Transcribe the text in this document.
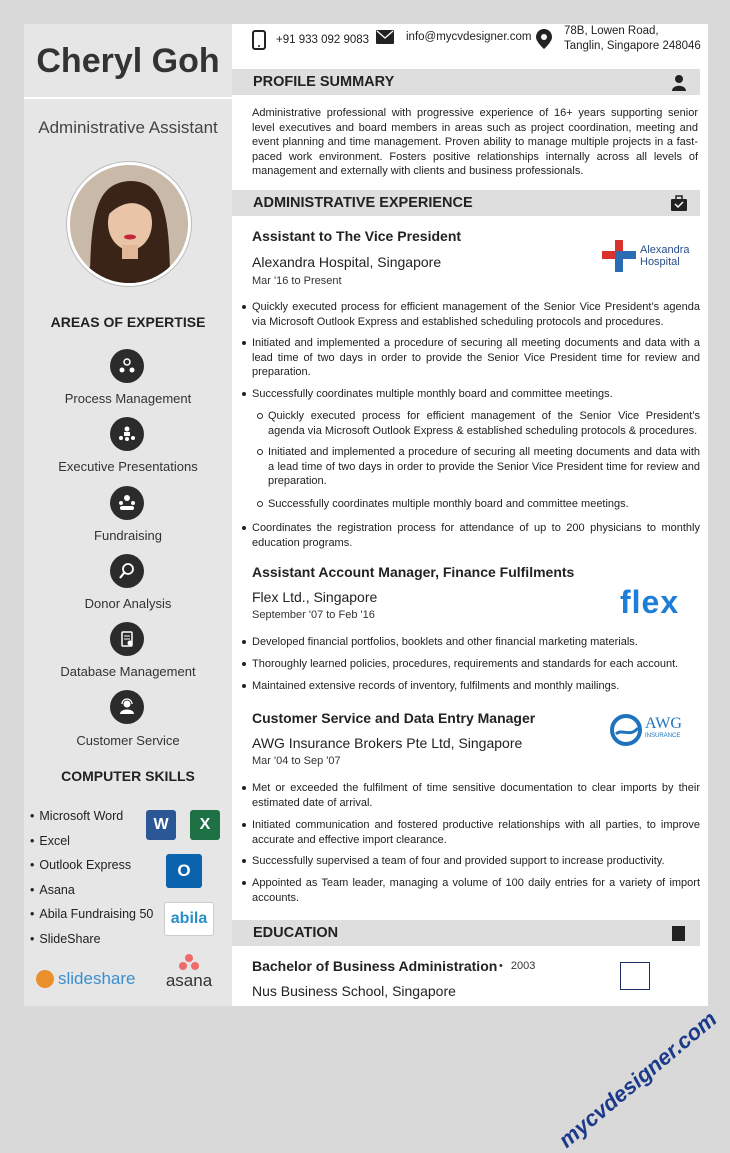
Cheryl Goh
Administrative Assistant
AREAS OF EXPERTISE
Process Management
Executive Presentations
Fundraising
Donor Analysis
Database Management
Customer Service
COMPUTER SKILLS
• Microsoft Word
• Excel
• Outlook Express
• Asana
• Abila Fundraising 50
• SlideShare
W	X
O
abila
slideshare asana
+91 933 092 9083	info@mycvdesigner.com	78B, Lowen Road,
Tanglin, Singapore 248046
PROFILE SUMMARY
Administrative professional with progressive experience of 16+ years supporting senior level executives and board members in areas such as project coordination, meeting and event planning and time management. Proven ability to manage multiple projects in a fast-paced work environment. Fosters positive relationships internally across all levels of management and externally with clients and business professionals.
ADMINISTRATIVE EXPERIENCE
Assistant to The Vice President
Alexandra Hospital, Singapore
Mar '16 to Present
Alexandra Hospital
Quickly executed process for efficient management of the Senior Vice President’s agenda via Microsoft Outlook Express and established scheduling protocols and procedures.
Initiated and implemented a procedure of securing all meeting documents and data with a lead time of two days in order to provide the Senior Vice President time for review and preparation.
Successfully coordinates multiple monthly board and committee meetings.
Quickly executed process for efficient management of the Senior Vice President’s agenda via Microsoft Outlook Express & established scheduling protocols & procedures.
Initiated and implemented a procedure of securing all meeting documents and data with a lead time of two days in order to provide the Senior Vice President time for review and preparation.
Successfully coordinates multiple monthly board and committee meetings.
Coordinates the registration process for attendance of up to 200 physicians to monthly education programs.
Assistant Account Manager, Finance Fulfilments
Flex Ltd., Singapore
September '07 to Feb '16	flex
Developed financial portfolios, booklets and other financial marketing materials.
Thoroughly learned policies, procedures, requirements and standards for each account.
Maintained extensive records of inventory, fulfilments and monthly mailings.
Customer Service and Data Entry Manager
AWG Insurance Brokers Pte Ltd, Singapore
Mar '04 to Sep '07
AWG
INSURANCE
Met or exceeded the fulfilment of time sensitive documentation to clear imports by their estimated date of arrival.
Initiated communication and fostered productive relationships with all parties, to improve accurate and effective import clearance.
Successfully supervised a team of four and provided support to increase productivity.
Appointed as Team leader, managing a volume of 100 daily entries for a variety of import accounts.
EDUCATION
Bachelor of Business Administration • 2003
Nus Business School, Singapore
mycvdesigner.com
